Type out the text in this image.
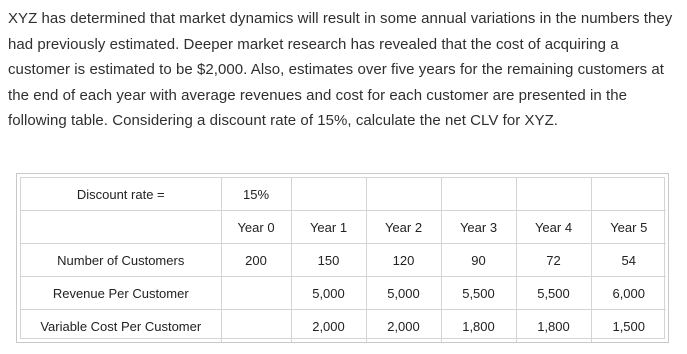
XYZ has determined that market dynamics will result in some annual variations in the numbers they had previously estimated. Deeper market research has revealed that the cost of acquiring a customer is estimated to be $2,000. Also, estimates over five years for the remaining customers at the end of each year with average revenues and cost for each customer are presented in the following table. Considering a discount rate of 15%, calculate the net CLV for XYZ.

Discount rate =	15%					
	Year 0	Year 1	Year 2	Year 3	Year 4	Year 5
Number of Customers	200	150	120	90	72	54
Revenue Per Customer		5,000	5,000	5,500	5,500	6,000
Variable Cost Per Customer		2,000	2,000	1,800	1,800	1,500
